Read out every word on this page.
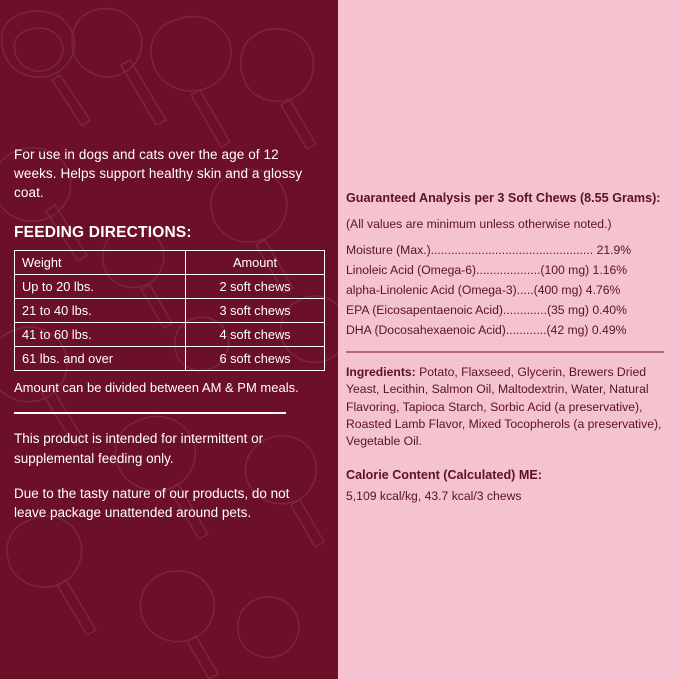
For use in dogs and cats over the age of 12 weeks. Helps support healthy skin and a glossy coat.
FEEDING DIRECTIONS:
Weight	Amount
Up to 20 lbs.	2 soft chews
21 to 40 lbs.	3 soft chews
41 to 60 lbs.	4 soft chews
61 lbs. and over	6 soft chews
Amount can be divided between AM & PM meals.
This product is intended for intermittent or supplemental feeding only.
Due to the tasty nature of our products, do not leave package unattended around pets.
Guaranteed Analysis per 3 Soft Chews (8.55 Grams):
(All values are minimum unless otherwise noted.)
Moisture (Max.)................................................ 21.9%
Linoleic Acid (Omega-6)...................(100 mg) 1.16%
alpha-Linolenic Acid (Omega-3).....(400 mg) 4.76%
EPA (Eicosapentaenoic Acid).............(35 mg) 0.40%
DHA (Docosahexaenoic Acid)............(42 mg) 0.49%
Ingredients: Potato, Flaxseed, Glycerin, Brewers Dried Yeast, Lecithin, Salmon Oil, Maltodextrin, Water, Natural Flavoring, Tapioca Starch, Sorbic Acid (a preservative), Roasted Lamb Flavor, Mixed Tocopherols (a preservative), Vegetable Oil.
Calorie Content (Calculated) ME:
5,109 kcal/kg, 43.7 kcal/3 chews
